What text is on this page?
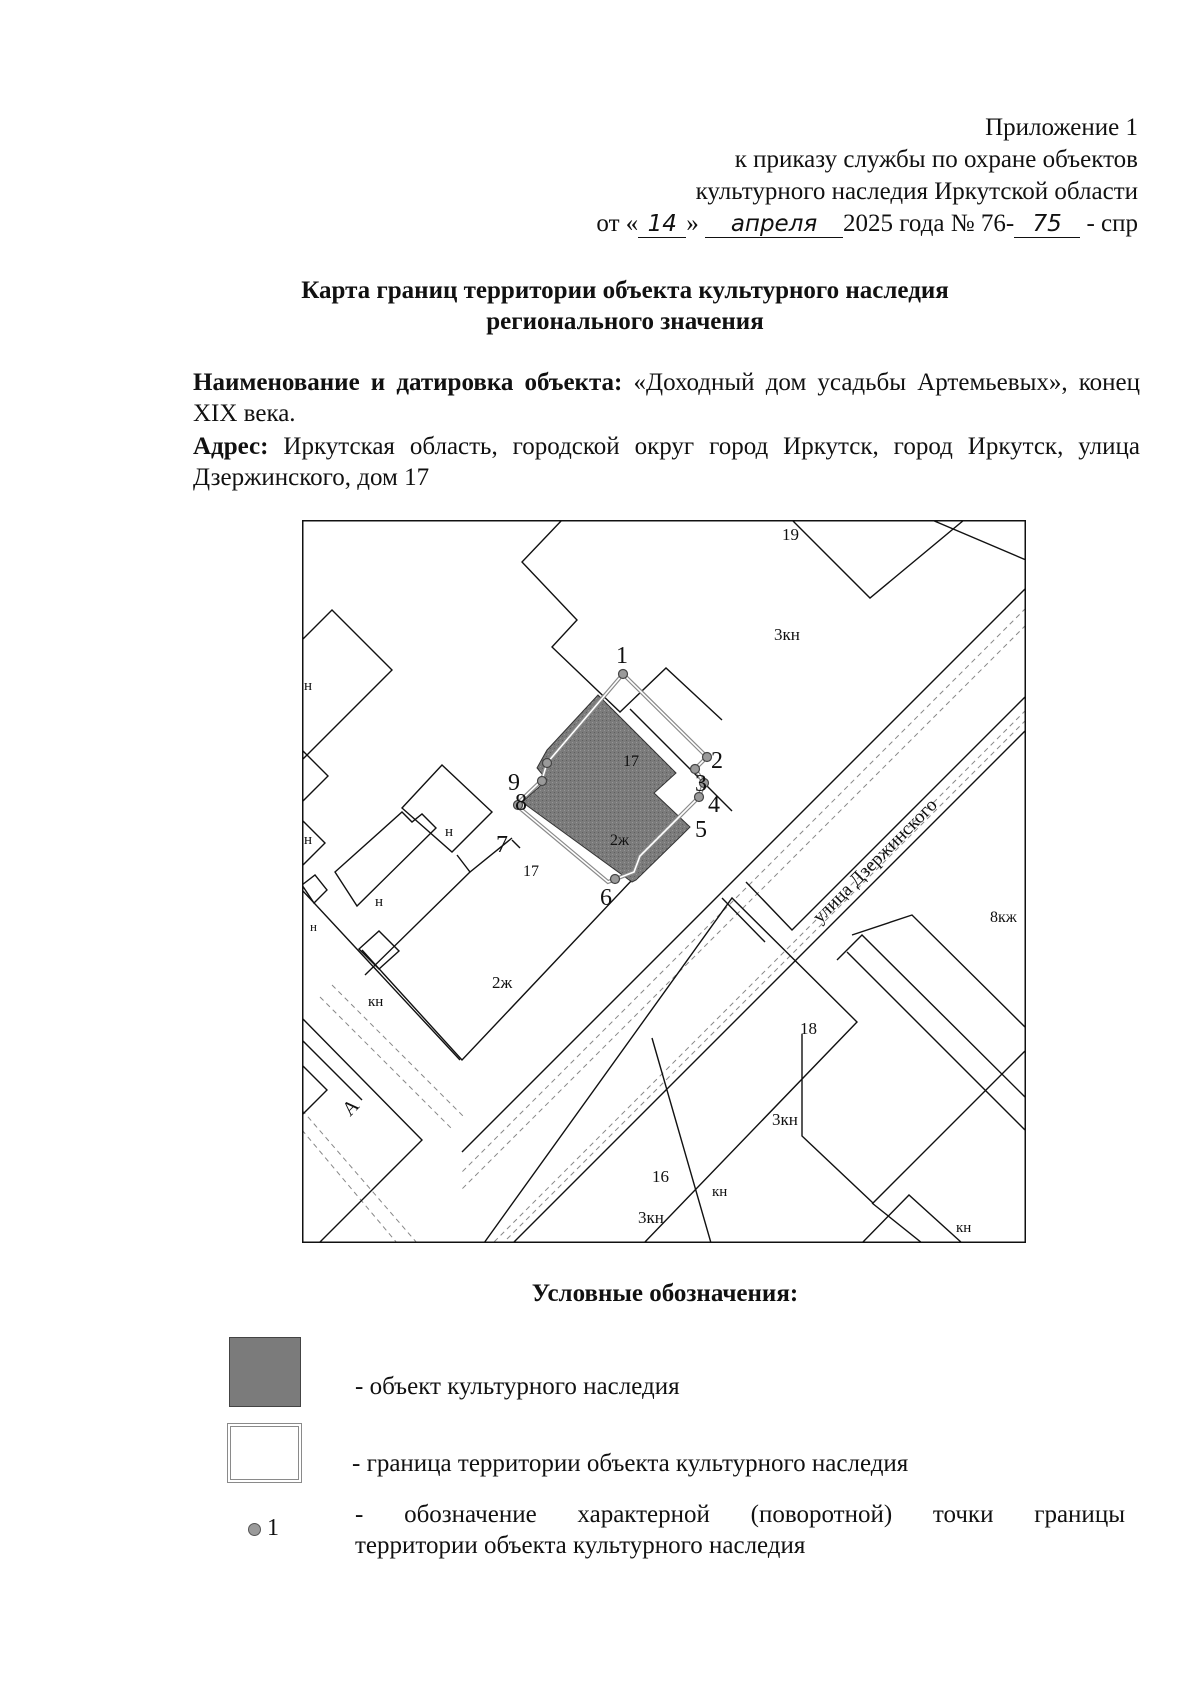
Приложение 1
к приказу службы по охране объектов
культурного наследия Иркутской области
от « 14 » апреля 2025 года № 76- 75 - спр
Карта границ территории объекта культурного наследия
регионального значения
Наименование и датировка объекта: «Доходный дом усадьбы Артемьевых», конец XIX века.
Адрес: Иркутская область, городской округ город Иркутск, город Иркутск, улица Дзержинского, дом 17
19
3кн
н
н	н
н
н
17
2ж
17
2ж
кн
8кж
18
3кн
16
кн
3кн
кн
улица Дзержинского
А
1
2
3
4
5
6
7
8
9
Условные обозначения:
- объект культурного наследия
- граница территории объекта культурного наследия
1	- обозначение характерной (поворотной) точки границы
территории объекта культурного наследия
